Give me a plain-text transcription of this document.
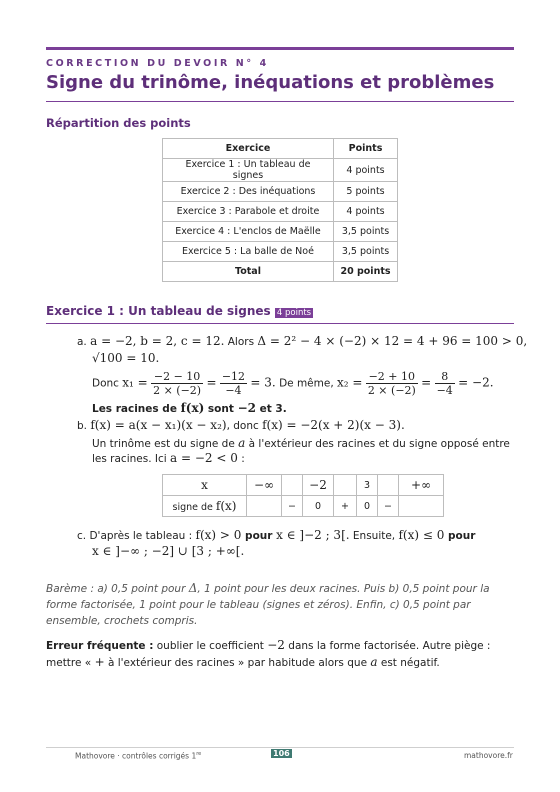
CORRECTION DU DEVOIR N° 4
Signe du trinôme, inéquations et problèmes
Répartition des points
Exercice	Points
Exercice 1 : Un tableau de signes	4 points
Exercice 2 : Des inéquations	5 points
Exercice 3 : Parabole et droite	4 points
Exercice 4 : L'enclos de Maëlle	3,5 points
Exercice 5 : La balle de Noé	3,5 points
Total	20 points
Exercice 1 : Un tableau de signes 4 points
a. a = −2, b = 2, c = 12. Alors Δ = 2² − 4 × (−2) × 12 = 4 + 96 = 100 > 0,
√100 = 10.
Donc $x_1 = \frac{-2 - 10}{2 \times (-2)} = \frac{-12}{-4} = 3$. De même, $x_2 = \frac{-2 + 10}{2 \times (-2)} = \frac{8}{-4} = -2$.
Les racines de f(x) sont −2 et 3.
b. f(x) = a(x − x₁)(x − x₂), donc f(x) = −2(x + 2)(x − 3).
Un trinôme est du signe de a à l'extérieur des racines et du signe opposé entre
les racines. Ici a = −2 < 0 :
x	−∞		−2		3		+∞
signe de f(x)		−	0	+	0	−	
c. D'après le tableau : f(x) > 0 pour x ∈ ]−2 ; 3[. Ensuite, f(x) ≤ 0 pour
x ∈ ]−∞ ; −2] ∪ [3 ; +∞[.
Barème : a) 0,5 point pour Δ, 1 point pour les deux racines. Puis b) 0,5 point pour la forme factorisée, 1 point pour le tableau (signes et zéros). Enfin, c) 0,5 point par ensemble, crochets compris.
Erreur fréquente : oublier le coefficient −2 dans la forme factorisée. Autre piège : mettre « + à l'extérieur des racines » par habitude alors que a est négatif.
Mathovore · contrôles corrigés 1re	106	mathovore.fr
